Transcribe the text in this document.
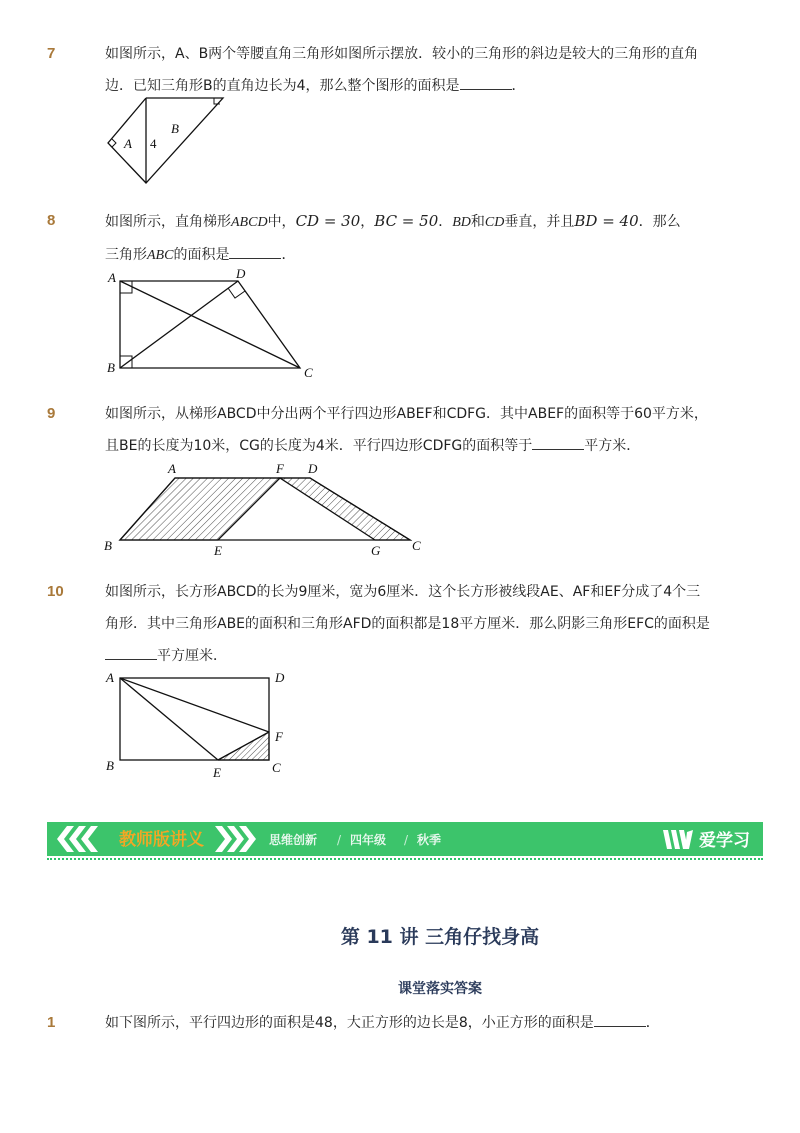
7	如图所示，A、B两个等腰直角三角形如图所示摆放．较小的三角形的斜边是较大的三角形的直角
边．已知三角形B的直角边长为4，那么整个图形的面积是	．
A
B
4
8	如图所示，直角梯形ABCD中，CD = 30，BC = 50．BD和CD垂直，并且BD = 40．那么
三角形ABC的面积是	．
A	D
B	C
9	如图所示，从梯形ABCD中分出两个平行四边形ABEF和CDFG．其中ABEF的面积等于60平方米，
且BE的长度为10米，CG的长度为4米．平行四边形CDFG的面积等于	平方米．
A	F D
B	E	G C
10	如图所示，长方形ABCD的长为9厘米，宽为6厘米．这个长方形被线段AE、AF和EF分成了4个三
角形．其中三角形ABE的面积和三角形AFD的面积都是18平方厘米．那么阴影三角形EFC的面积是
平方厘米．
A	D
F
B	E	C
教师版讲义	思维创新 / 四年级 / 秋季	爱学习
第 11 讲 三角仔找身高
课堂落实答案
1	如下图所示，平行四边形的面积是48，大正方形的边长是8，小正方形的面积是	．
